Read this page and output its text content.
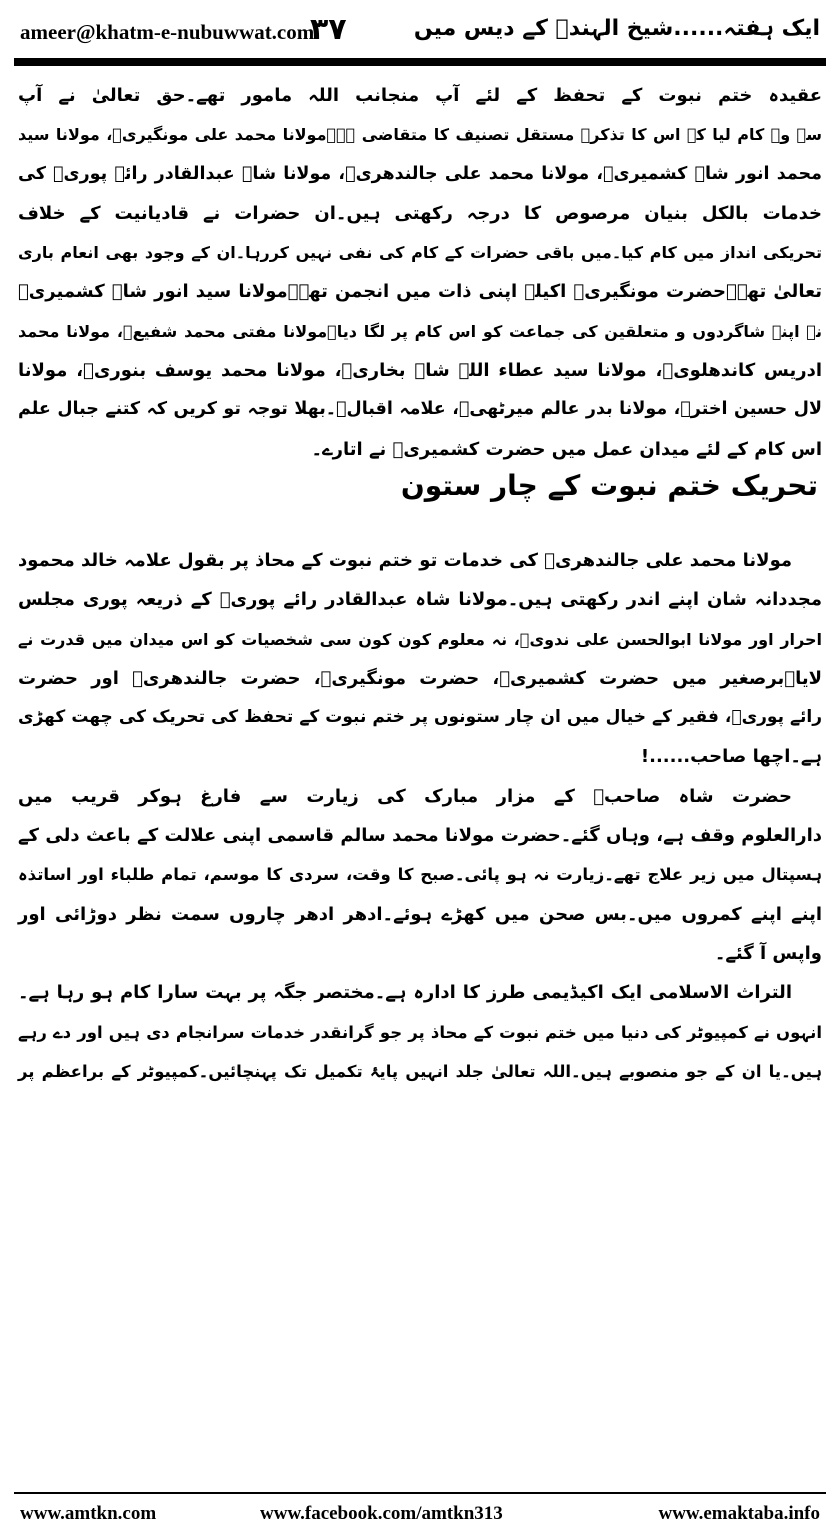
ameer@khatm-e-nubuwwat.com
۳۷	ایک ہفتہ......شیخ الہندؒ کے دیس میں
عقیدہ ختم نبوت کے تحفظ کے لئے آپ منجانب اللہ مامور تھے۔حق تعالیٰ نے آپ
سے وہ کام لیا کہ اس کا تذکرہ مستقل تصنیف کا متقاضی ہے۔مولانا محمد علی مونگیریؒ، مولانا سید
محمد انور شاہ کشمیریؒ، مولانا محمد علی جالندھریؒ، مولانا شاہ عبدالقادر رائے پوریؒ کی
خدمات بالکل بنیان مرصوص کا درجہ رکھتی ہیں۔ان حضرات نے قادیانیت کے خلاف
تحریکی انداز میں کام کیا۔میں باقی حضرات کے کام کی نفی نہیں کررہا۔ان کے وجود بھی انعام باری
تعالیٰ تھے۔حضرت مونگیریؒ اکیلے اپنی ذات میں انجمن تھے۔مولانا سید انور شاہ کشمیریؒ
نے اپنے شاگردوں و متعلقین کی جماعت کو اس کام پر لگا دیا۔مولانا مفتی محمد شفیعؒ، مولانا محمد
ادریس کاندھلویؒ، مولانا سید عطاء اللہ شاہ بخاریؒ، مولانا محمد یوسف بنوریؒ، مولانا
لال حسین اخترؒ، مولانا بدر عالم میرٹھیؒ، علامہ اقبالؒ۔بھلا توجہ تو کریں کہ کتنے جبال علم
اس کام کے لئے میدان عمل میں حضرت کشمیریؒ نے اتارے۔
تحریک ختم نبوت کے چار ستون
مولانا محمد علی جالندھریؒ کی خدمات تو ختم نبوت کے محاذ پر بقول علامہ خالد محمود
مجددانہ شان اپنے اندر رکھتی ہیں۔مولانا شاہ عبدالقادر رائے پوریؒ کے ذریعہ پوری مجلس
احرار اور مولانا ابوالحسن علی ندویؒ، نہ معلوم کون کون سی شخصیات کو اس میدان میں قدرت نے
لایا۔برصغیر میں حضرت کشمیریؒ، حضرت مونگیریؒ، حضرت جالندھریؒ اور حضرت
رائے پوریؒ، فقیر کے خیال میں ان چار ستونوں پر ختم نبوت کے تحفظ کی تحریک کی چھت کھڑی
ہے۔اچھا صاحب......!
حضرت شاہ صاحبؒ کے مزار مبارک کی زیارت سے فارغ ہوکر قریب میں
دارالعلوم وقف ہے، وہاں گئے۔حضرت مولانا محمد سالم قاسمی اپنی علالت کے باعث دلی کے
ہسپتال میں زیر علاج تھے۔زیارت نہ ہو پائی۔صبح کا وقت، سردی کا موسم، تمام طلباء اور اساتذہ
اپنے اپنے کمروں میں۔بس صحن میں کھڑے ہوئے۔ادھر ادھر چاروں سمت نظر دوڑائی اور
واپس آ گئے۔
التراث الاسلامی ایک اکیڈیمی طرز کا ادارہ ہے۔مختصر جگہ پر بہت سارا کام ہو رہا ہے۔
انہوں نے کمپیوٹر کی دنیا میں ختم نبوت کے محاذ پر جو گرانقدر خدمات سرانجام دی ہیں اور دے رہے
ہیں۔یا ان کے جو منصوبے ہیں۔اللہ تعالیٰ جلد انہیں پایۂ تکمیل تک پہنچائیں۔کمپیوٹر کے براعظم پر
www.amtkn.com	www.facebook.com/amtkn313	www.emaktaba.info
